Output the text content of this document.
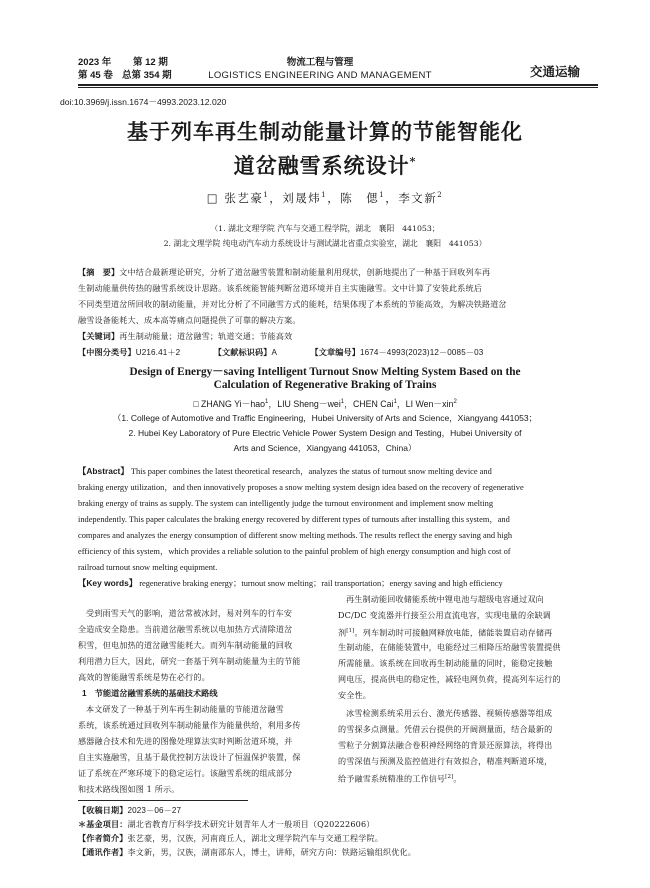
2023 年 第 12 期
第 45 卷 总第 354 期
物流工程与管理
LOGISTICS ENGINEERING AND MANAGEMENT	交通运输
doi:10.3969/j.issn.1674－4993.2023.12.020
基于列车再生制动能量计算的节能智能化
道岔融雪系统设计*
□ 张艺豪$^1$，刘晟炜$^1$，陈　 偲$^1$，李文新$^2$
（1. 湖北文理学院 汽车与交通工程学院，湖北　襄阳　441053；
2. 湖北文理学院 纯电动汽车动力系统设计与测试湖北省重点实验室，湖北　襄阳　441053）
【摘　要】文中结合最新理论研究，分析了道岔融雪装置和制动能量利用现状，创新地提出了一种基于回收列车再
生制动能量供传热的融雪系统设计思路。该系统能智能判断岔道环境并自主实施融雪。文中计算了安装此系统后
不同类型道岔所回收的制动能量，并对比分析了不同融雪方式的能耗，结果体现了本系统的节能高效，为解决铁路道岔
融雪设备能耗大、成本高等痛点问题提供了可靠的解决方案。
【关键词】再生制动能量；道岔融雪；轨道交通；节能高效
【中图分类号】U216.41＋2	【文献标识码】A	【文章编号】1674－4993(2023)12－0085－03
Design of Energy－saving Intelligent Turnout Snow Melting System Based on the
Calculation of Regenerative Braking of Trains
□ ZHANG Yi－hao$^1$，LIU Sheng－wei$^1$，CHEN Cai$^1$，LI Wen－xin$^2$
（1. College of Automotive and Traffic Engineering，Hubei University of Arts and Science，Xiangyang 441053；
2. Hubei Key Laboratory of Pure Electric Vehicle Power System Design and Testing，Hubei University of
Arts and Science，Xiangyang 441053，China）
【Abstract】 This paper combines the latest theoretical research，analyzes the status of turnout snow melting device and
braking energy utilization，and then innovatively proposes a snow melting system design idea based on the recovery of regenerative
braking energy of trains as supply. The system can intelligently judge the turnout environment and implement snow melting
independently. This paper calculates the braking energy recovered by different types of turnouts after installing this system，and
compares and analyzes the energy consumption of different snow melting methods. The results reflect the energy saving and high
efficiency of this system，which provides a reliable solution to the painful problem of high energy consumption and high cost of
railroad turnout snow melting equipment.
【Key words】 regenerative braking energy；turnout snow melting；rail transportation；energy saving and high efficiency
受到雨雪天气的影响，道岔常被冰封，易对列车的行车安
全造成安全隐患。当前道岔融雪系统以电加热方式清除道岔
积雪，但电加热的道岔融雪能耗大。而列车制动能量的回收
利用潜力巨大，因此，研究一套基于列车制动能量为主的节能
高效的智能融雪系统是势在必行的。
1　节能道岔融雪系统的基础技术路线
本文研发了一种基于列车再生制动能量的节能道岔融雪
系统，该系统通过回收列车制动能量作为能量供给，利用多传
感器融合技术和先进的图像处理算法实时判断岔道环境，并
自主实施融雪，且基于最优控制方法设计了恒温保护装置，保
证了系统在严寒环境下的稳定运行。该融雪系统的组成部分
和技术路线图如图 1 所示。
再生制动能回收储能系统中锂电池与超级电容通过双向
DC/DC 变流器并行接至公用直流电容，实现电量的余缺调
剂[1]。列车制动时可接触网释放电能，储能装置启动存储再
生制动能，在储能装置中，电能经过三相降压给融雪装置提供
所需能量。该系统在回收再生制动能量的同时，能稳定接触
网电压，提高供电的稳定性，减轻电网负荷，提高列车运行的
安全性。
冰雪检测系统采用云台、激光传感器、视频传感器等组成
的雪探多点测量。凭借云台提供的开阔测量面，结合最新的
雪粒子分割算法融合卷积神经网络的背景还原算法，将得出
的雪深值与预测及监控值进行有效拟合，精准判断道环境，
给予融雪系统精准的工作信号[2]。
【收稿日期】2023－06－27
＊基金项目：湖北省教育厅科学技术研究计划青年人才一般项目（Q20222606）
【作者简介】张艺豪，男，汉族，河南商丘人，湖北文理学院汽车与交通工程学院。
【通讯作者】李文新，男，汉族，湖南邵东人，博士，讲师，研究方向：铁路运输组织优化。
